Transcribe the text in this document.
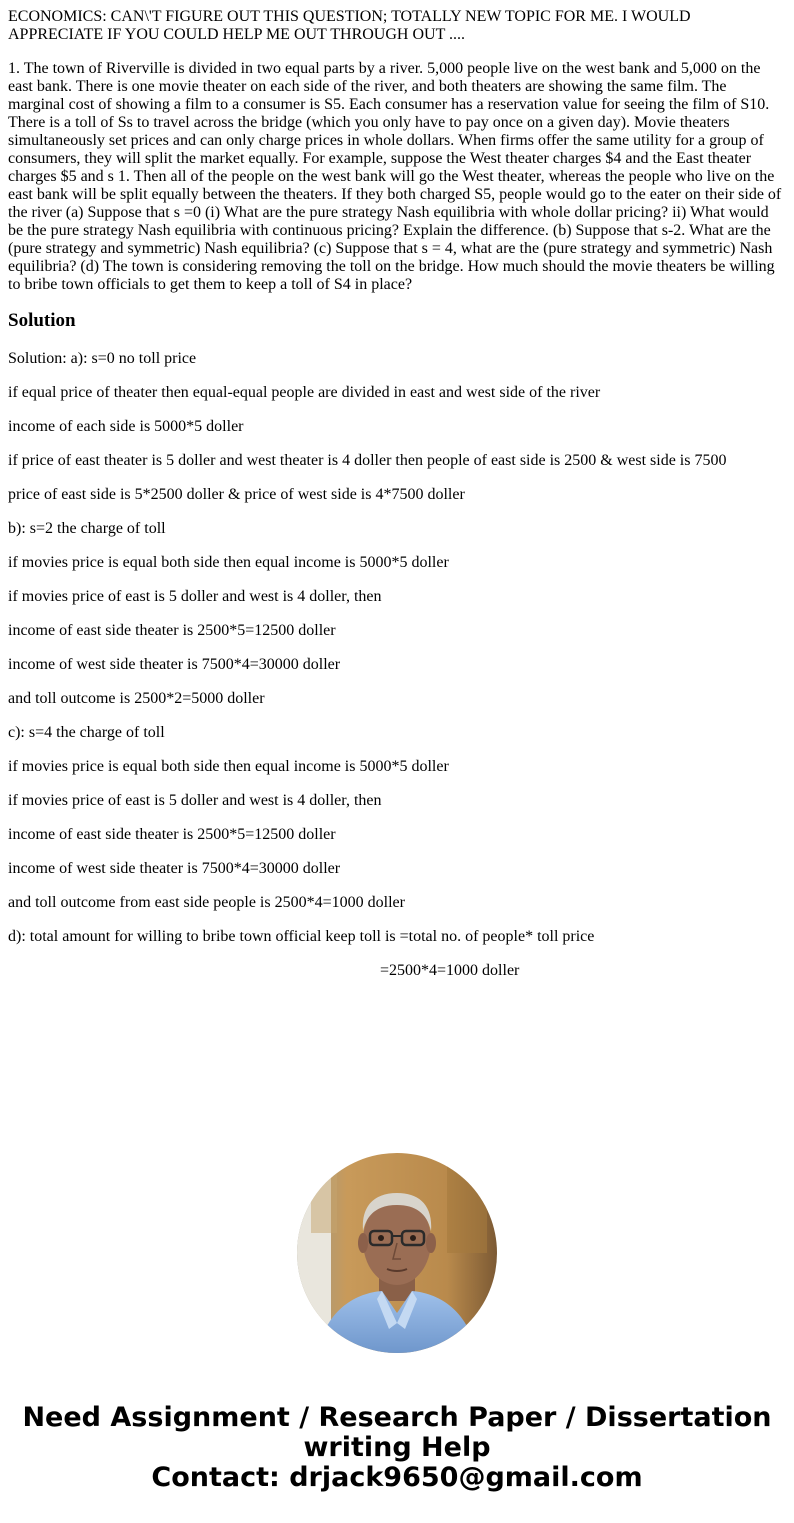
ECONOMICS: CAN\'T FIGURE OUT THIS QUESTION; TOTALLY NEW TOPIC FOR ME. I WOULD APPRECIATE IF YOU COULD HELP ME OUT THROUGH OUT ....
1. The town of Riverville is divided in two equal parts by a river. 5,000 people live on the west bank and 5,000 on the east bank. There is one movie theater on each side of the river, and both theaters are showing the same film. The marginal cost of showing a film to a consumer is S5. Each consumer has a reservation value for seeing the film of S10. There is a toll of Ss to travel across the bridge (which you only have to pay once on a given day). Movie theaters simultaneously set prices and can only charge prices in whole dollars. When firms offer the same utility for a group of consumers, they will split the market equally. For example, suppose the West theater charges $4 and the East theater charges $5 and s 1. Then all of the people on the west bank will go the West theater, whereas the people who live on the east bank will be split equally between the theaters. If they both charged S5, people would go to the eater on their side of the river (a) Suppose that s =0 (i) What are the pure strategy Nash equilibria with whole dollar pricing? ii) What would be the pure strategy Nash equilibria with continuous pricing? Explain the difference. (b) Suppose that s-2. What are the (pure strategy and symmetric) Nash equilibria? (c) Suppose that s = 4, what are the (pure strategy and symmetric) Nash equilibria? (d) The town is considering removing the toll on the bridge. How much should the movie theaters be willing to bribe town officials to get them to keep a toll of S4 in place?
Solution
Solution: a): s=0 no toll price
if equal price of theater then equal-equal people are divided in east and west side of the river
income of each side is 5000*5 doller
if price of east theater is 5 doller and west theater is 4 doller then people of east side is 2500 & west side is 7500
price of east side is 5*2500 doller & price of west side is 4*7500 doller
b): s=2 the charge of toll
if movies price is equal both side then equal income is 5000*5 doller
if movies price of east is 5 doller and west is 4 doller, then
income of east side theater is 2500*5=12500 doller
income of west side theater is 7500*4=30000 doller
and toll outcome is 2500*2=5000 doller
c): s=4 the charge of toll
if movies price is equal both side then equal income is 5000*5 doller
if movies price of east is 5 doller and west is 4 doller, then
income of east side theater is 2500*5=12500 doller
income of west side theater is 7500*4=30000 doller
and toll outcome from east side people is 2500*4=1000 doller
d): total amount for willing to bribe town official keep toll is =total no. of people* toll price
=2500*4=1000 doller
Need Assignment / Research Paper / Dissertation
writing Help
Contact: drjack9650@gmail.com
